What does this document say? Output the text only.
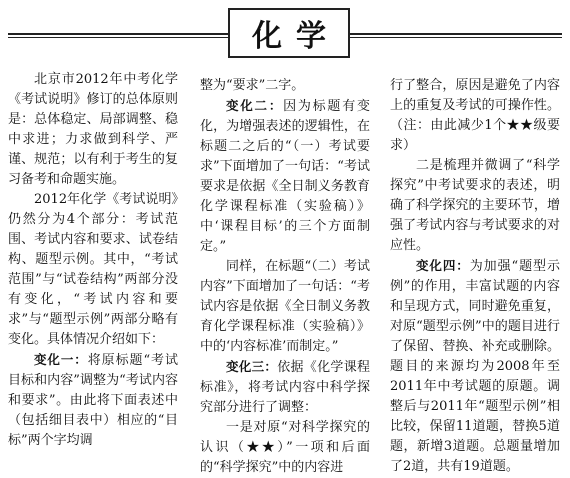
化学

北京市2012年中考化学《考试说明》修订的总体原则是：总体稳定、局部调整、稳中求进；力求做到科学、严谨、规范；以有利于考生的复习备考和命题实施。

2012年化学《考试说明》仍然分为4个部分：考试范围、考试内容和要求、试卷结构、题型示例。其中，“考试范围”与“试卷结构”两部分没有变化，“考试内容和要求”与“题型示例”两部分略有变化。具体情况介绍如下：

变化一：将原标题“考试目标和内容”调整为“考试内容和要求”。由此将下面表述中（包括细目表中）相应的“目标”两个字均调

整为“要求”二字。

变化二：因为标题有变化，为增强表述的逻辑性，在标题二之后的“（一）考试要求”下面增加了一句话：“考试要求是依据《全日制义务教育化学课程标准（实验稿）》中‘课程目标’的三个方面制定。”

同样，在标题“（二）考试内容”下面增加了一句话：“考试内容是依据《全日制义务教育化学课程标准（实验稿）》中的‘内容标准’而制定。”

变化三：依据《化学课程标准》，将考试内容中科学探究部分进行了调整：

一是对原“对科学探究的认识（★★）”一项和后面的“科学探究”中的内容进

行了整合，原因是避免了内容上的重复及考试的可操作性。（注：由此减少1个★★级要求）

二是梳理并微调了“科学探究”中考试要求的表述，明确了科学探究的主要环节，增强了考试内容与考试要求的对应性。

变化四：为加强“题型示例”的作用，丰富试题的内容和呈现方式，同时避免重复，对原“题型示例”中的题目进行了保留、替换、补充或删除。题目的来源均为2008年至2011年中考试题的原题。调整后与2011年“题型示例”相比较，保留11道题，替换5道题，新增3道题。总题量增加了2道，共有19道题。
